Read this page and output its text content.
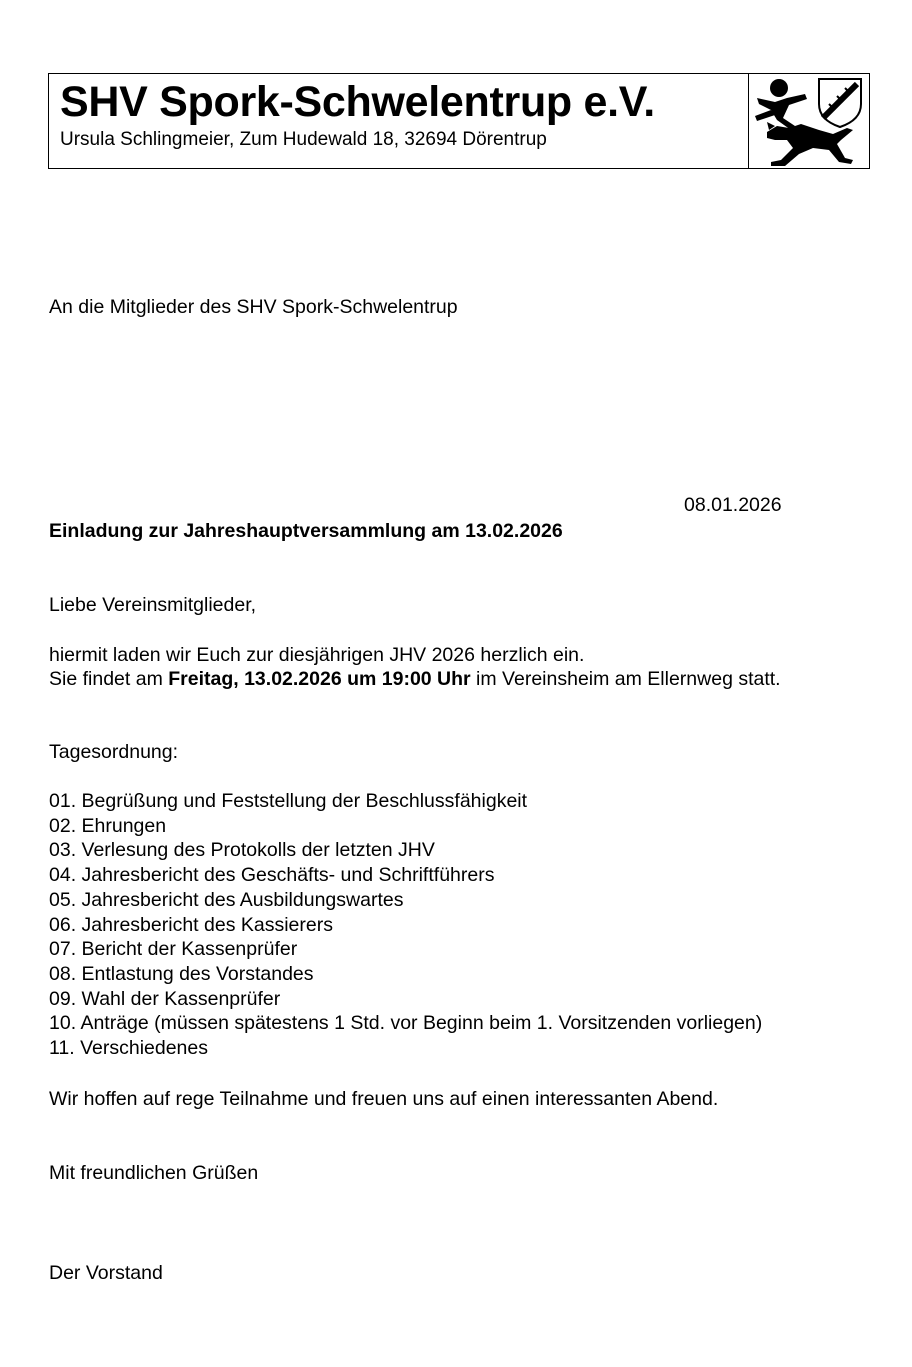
SHV Spork-Schwelentrup e.V.
Ursula Schlingmeier, Zum Hudewald 18, 32694 Dörentrup
An die Mitglieder des SHV Spork-Schwelentrup
08.01.2026
Einladung zur Jahreshauptversammlung am 13.02.2026
Liebe Vereinsmitglieder,
hiermit laden wir Euch zur diesjährigen JHV 2026 herzlich ein.
Sie findet am Freitag, 13.02.2026 um 19:00 Uhr im Vereinsheim am Ellernweg statt.
Tagesordnung:
01. Begrüßung und Feststellung der Beschlussfähigkeit
02. Ehrungen
03. Verlesung des Protokolls der letzten JHV
04. Jahresbericht des Geschäfts- und Schriftführers
05. Jahresbericht des Ausbildungswartes
06. Jahresbericht des Kassierers
07. Bericht der Kassenprüfer
08. Entlastung des Vorstandes
09. Wahl der Kassenprüfer
10. Anträge (müssen spätestens 1 Std. vor Beginn beim 1. Vorsitzenden vorliegen)
11. Verschiedenes
Wir hoffen auf rege Teilnahme und freuen uns auf einen interessanten Abend.
Mit freundlichen Grüßen
Der Vorstand
